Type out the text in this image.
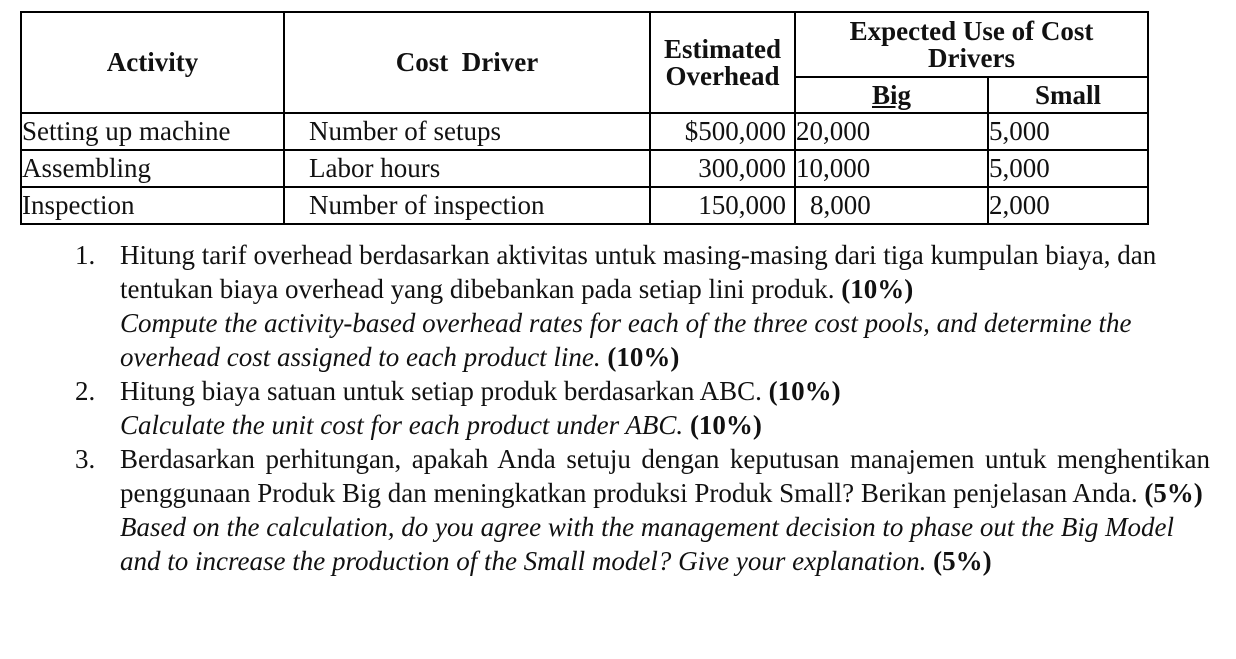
Activity	Cost  Driver	Estimated Overhead	Expected Use of Cost Drivers	
			Big	Small
Setting up machine	Number of setups	$500,000	20,000	5,000
Assembling	Labor hours	300,000	10,000	5,000
Inspection	Number of inspection	150,000	8,000	2,000
1. Hitung tarif overhead berdasarkan aktivitas untuk masing-masing dari tiga kumpulan biaya, dan tentukan biaya overhead yang dibebankan pada setiap lini produk. (10%)

Compute the activity-based overhead rates for each of the three cost pools, and determine the overhead cost assigned to each product line. (10%)

2. Hitung biaya satuan untuk setiap produk berdasarkan ABC. (10%)

Calculate the unit cost for each product under ABC. (10%)

3. Berdasarkan perhitungan, apakah Anda setuju dengan keputusan manajemen untuk menghentikan penggunaan Produk Big dan meningkatkan produksi Produk Small? Berikan penjelasan Anda. (5%)

Based on the calculation, do you agree with the management decision to phase out the Big Model and to increase the production of the Small model? Give your explanation. (5%)
